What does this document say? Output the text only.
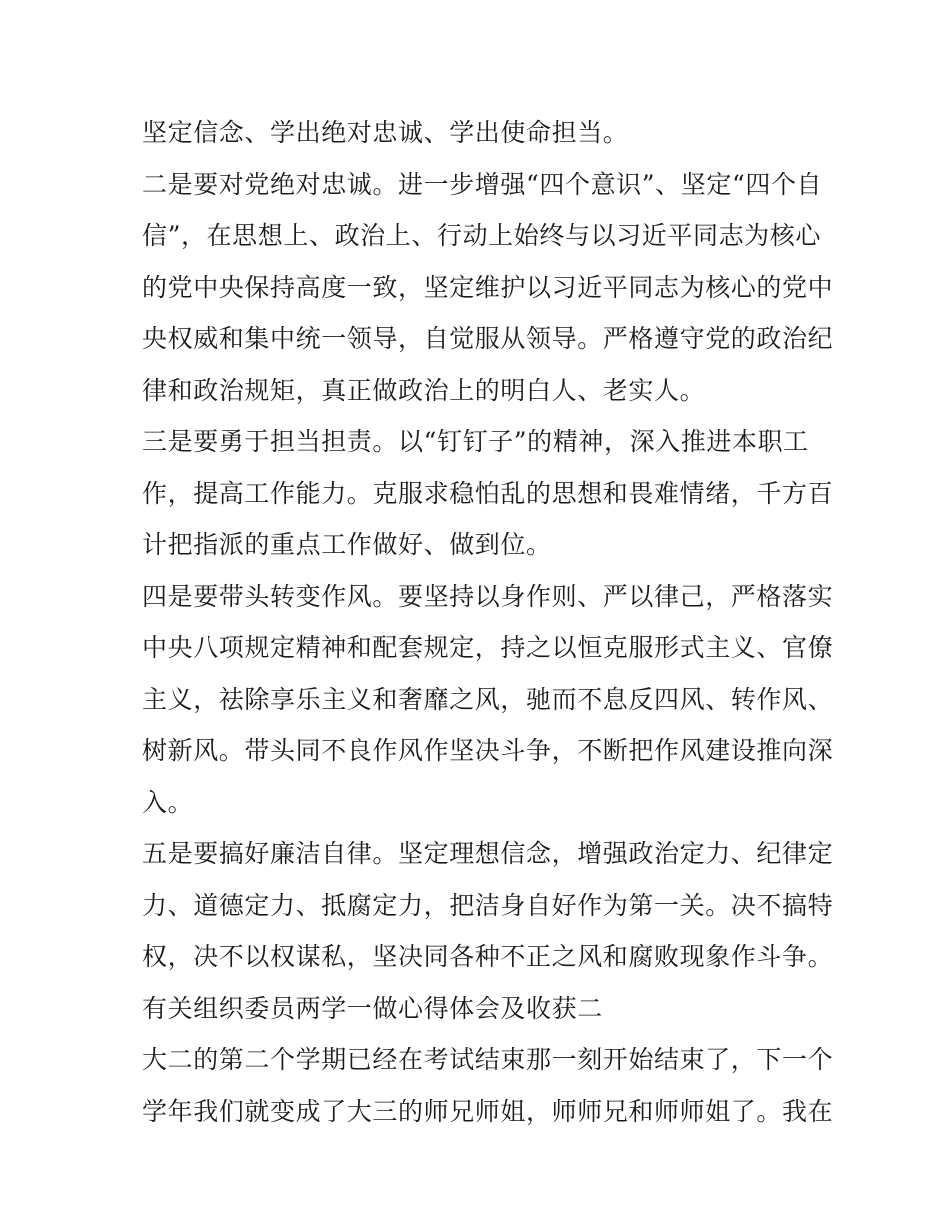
坚定信念、学出绝对忠诚、学出使命担当。
二是要对党绝对忠诚。进一步增强“四个意识”、坚定“四个自
信”，在思想上、政治上、行动上始终与以习近平同志为核心
的党中央保持高度一致，坚定维护以习近平同志为核心的党中
央权威和集中统一领导，自觉服从领导。严格遵守党的政治纪
律和政治规矩，真正做政治上的明白人、老实人。
三是要勇于担当担责。以“钉钉子”的精神，深入推进本职工
作，提高工作能力。克服求稳怕乱的思想和畏难情绪，千方百
计把指派的重点工作做好、做到位。
四是要带头转变作风。要坚持以身作则、严以律己，严格落实
中央八项规定精神和配套规定，持之以恒克服形式主义、官僚
主义，祛除享乐主义和奢靡之风，驰而不息反四风、转作风、
树新风。带头同不良作风作坚决斗争，不断把作风建设推向深
入。
五是要搞好廉洁自律。坚定理想信念，增强政治定力、纪律定
力、道德定力、抵腐定力，把洁身自好作为第一关。决不搞特
权，决不以权谋私，坚决同各种不正之风和腐败现象作斗争。
有关组织委员两学一做心得体会及收获二
大二的第二个学期已经在考试结束那一刻开始结束了，下一个
学年我们就变成了大三的师兄师姐，师师兄和师师姐了。我在
